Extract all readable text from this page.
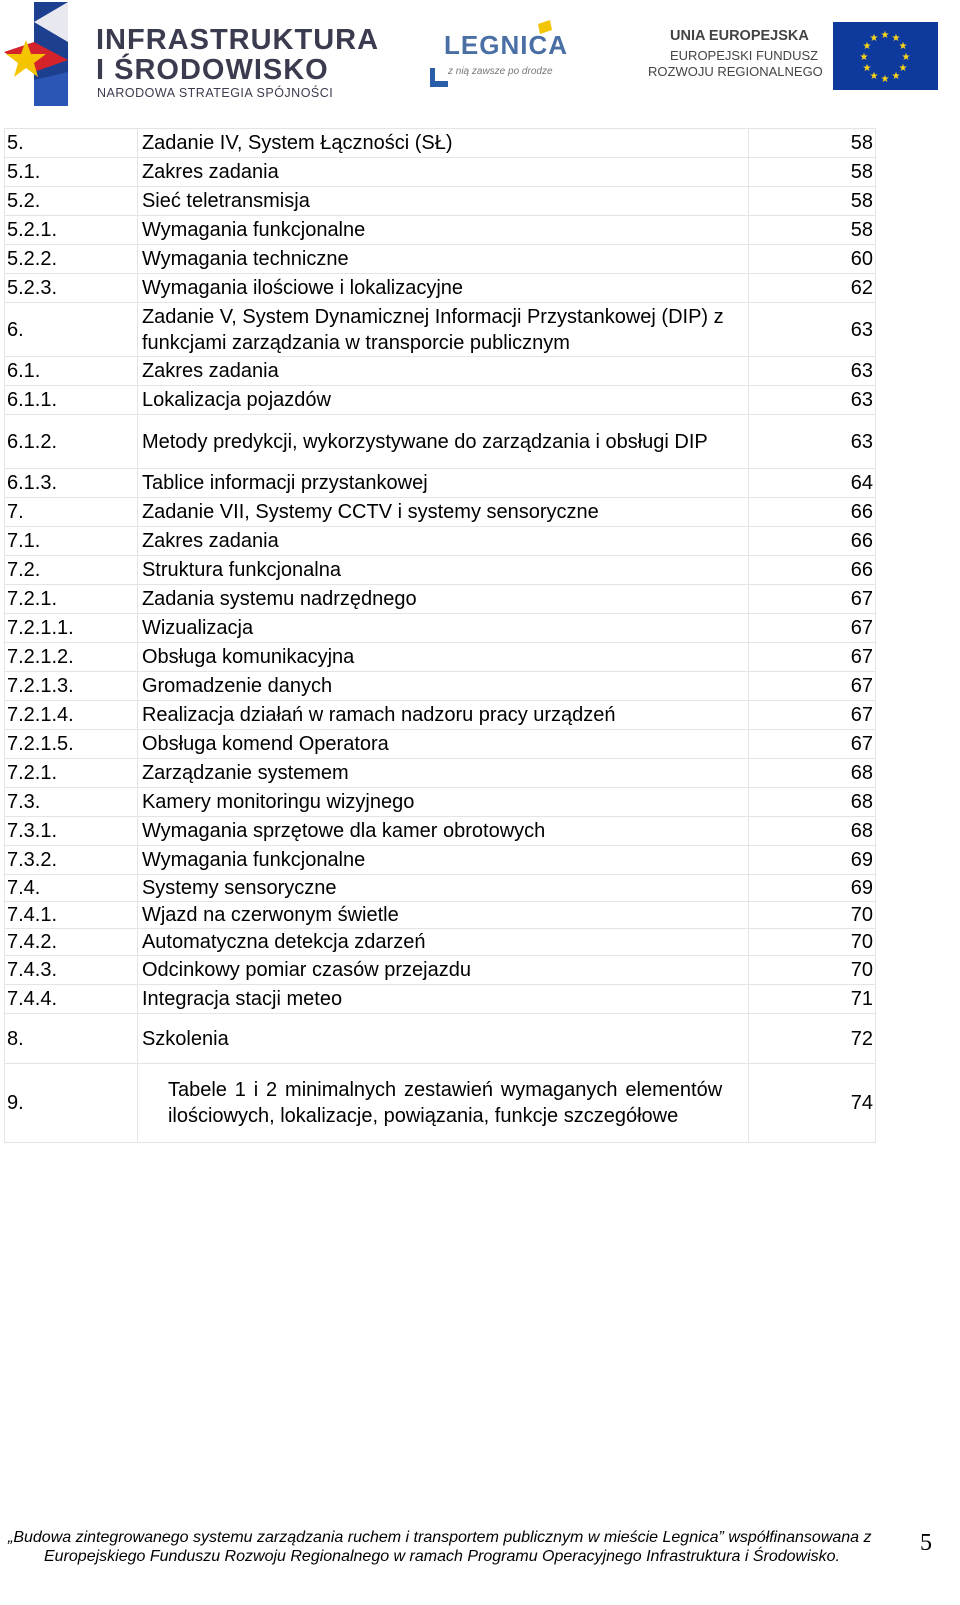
INFRASTRUKTURA
I ŚRODOWISKO
NARODOWA STRATEGIA SPÓJNOŚCI
LEGNICA
z nią zawsze po drodze
UNIA EUROPEJSKA
EUROPEJSKI FUNDUSZ
ROZWOJU REGIONALNEGO
★ ★
★
★
★
★
★
★
★
★
★
★
5.	Zadanie IV, System Łączności (SŁ)	58
5.1.	Zakres zadania	58
5.2.	Sieć teletransmisja	58
5.2.1.	Wymagania funkcjonalne	58
5.2.2.	Wymagania techniczne	60
5.2.3.	Wymagania ilościowe i lokalizacyjne	62
6.	Zadanie V, System Dynamicznej Informacji Przystankowej (DIP) z funkcjami zarządzania w transporcie publicznym	63
6.1.	Zakres zadania	63
6.1.1.	Lokalizacja pojazdów	63
6.1.2.	Metody predykcji, wykorzystywane do zarządzania i obsługi DIP	63
6.1.3.	Tablice informacji przystankowej	64
7.	Zadanie VII, Systemy CCTV i systemy sensoryczne	66
7.1.	Zakres zadania	66
7.2.	Struktura funkcjonalna	66
7.2.1.	Zadania systemu nadrzędnego	67
7.2.1.1.	Wizualizacja	67
7.2.1.2.	Obsługa komunikacyjna	67
7.2.1.3.	Gromadzenie danych	67
7.2.1.4.	Realizacja działań w ramach nadzoru pracy urządzeń	67
7.2.1.5.	Obsługa komend Operatora	67
7.2.1.	Zarządzanie systemem	68
7.3.	Kamery monitoringu wizyjnego	68
7.3.1.	Wymagania sprzętowe dla kamer obrotowych	68
7.3.2.	Wymagania funkcjonalne	69
7.4.	Systemy sensoryczne	69
7.4.1.	Wjazd na czerwonym świetle	70
7.4.2.	Automatyczna detekcja zdarzeń	70
7.4.3.	Odcinkowy pomiar czasów przejazdu	70
7.4.4.	Integracja stacji meteo	71
8.	Szkolenia	72
9.	Tabele 1 i 2 minimalnych zestawień wymaganych elementów ilościowych, lokalizacje, powiązania, funkcje szczegółowe	74
„Budowa zintegrowanego systemu zarządzania ruchem i transportem publicznym w mieście Legnica” współfinansowana z
Europejskiego Funduszu Rozwoju Regionalnego w ramach Programu Operacyjnego Infrastruktura i Środowisko.
5
